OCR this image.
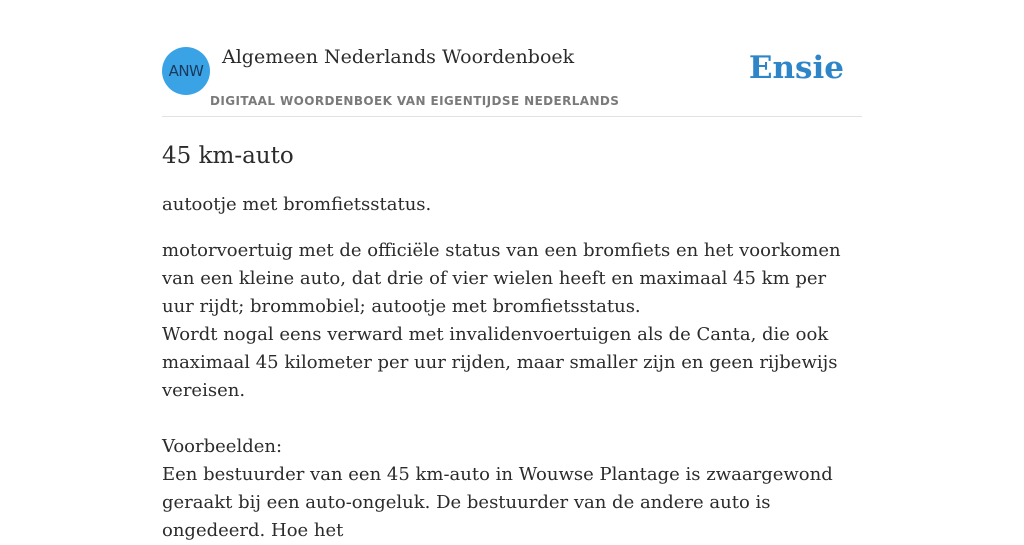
ANW
Algemeen Nederlands Woordenboek
DIGITAAL WOORDENBOEK VAN EIGENTIJDSE NEDERLANDS
Ensie
45 km-auto

autootje met bromfietsstatus.

motorvoertuig met de officiële status van een bromfiets en het voorkomen van een kleine auto, dat drie of vier wielen heeft en maximaal 45 km per uur rijdt; brommobiel; autootje met bromfietsstatus.

Wordt nogal eens verward met invalidenvoertuigen als de Canta, die ook maximaal 45 kilometer per uur rijden, maar smaller zijn en geen rijbewijs vereisen.

Voorbeelden:

Een bestuurder van een 45 km-auto in Wouwse Plantage is zwaargewond geraakt bij een auto-ongeluk. De bestuurder van de andere auto is ongedeerd. Hoe het
